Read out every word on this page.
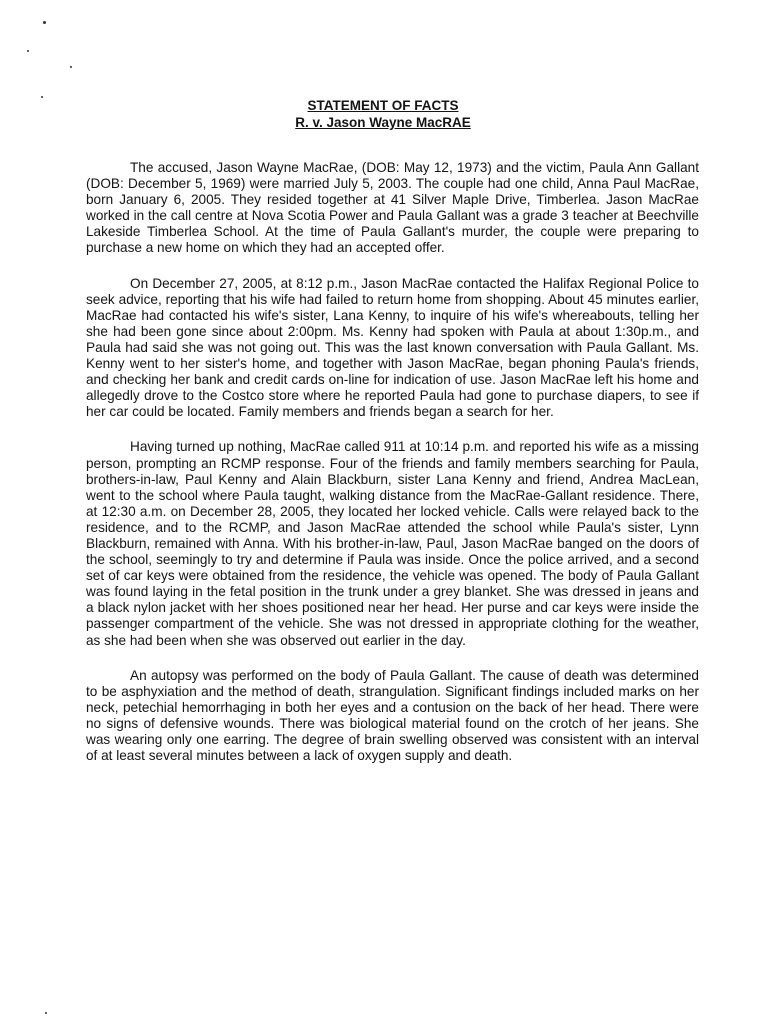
STATEMENT OF FACTS
R. v. Jason Wayne MacRAE

The accused, Jason Wayne MacRae, (DOB: May 12, 1973) and the victim, Paula Ann Gallant (DOB: December 5, 1969) were married July 5, 2003. The couple had one child, Anna Paul MacRae, born January 6, 2005. They resided together at 41 Silver Maple Drive, Timberlea. Jason MacRae worked in the call centre at Nova Scotia Power and Paula Gallant was a grade 3 teacher at Beechville Lakeside Timberlea School. At the time of Paula Gallant's murder, the couple were preparing to purchase a new home on which they had an accepted offer.

On December 27, 2005, at 8:12 p.m., Jason MacRae contacted the Halifax Regional Police to seek advice, reporting that his wife had failed to return home from shopping. About 45 minutes earlier, MacRae had contacted his wife's sister, Lana Kenny, to inquire of his wife's whereabouts, telling her she had been gone since about 2:00pm. Ms. Kenny had spoken with Paula at about 1:30p.m., and Paula had said she was not going out. This was the last known conversation with Paula Gallant. Ms. Kenny went to her sister's home, and together with Jason MacRae, began phoning Paula's friends, and checking her bank and credit cards on-line for indication of use. Jason MacRae left his home and allegedly drove to the Costco store where he reported Paula had gone to purchase diapers, to see if her car could be located. Family members and friends began a search for her.

Having turned up nothing, MacRae called 911 at 10:14 p.m. and reported his wife as a missing person, prompting an RCMP response. Four of the friends and family members searching for Paula, brothers-in-law, Paul Kenny and Alain Blackburn, sister Lana Kenny and friend, Andrea MacLean, went to the school where Paula taught, walking distance from the MacRae-Gallant residence. There, at 12:30 a.m. on December 28, 2005, they located her locked vehicle. Calls were relayed back to the residence, and to the RCMP, and Jason MacRae attended the school while Paula's sister, Lynn Blackburn, remained with Anna. With his brother-in-law, Paul, Jason MacRae banged on the doors of the school, seemingly to try and determine if Paula was inside. Once the police arrived, and a second set of car keys were obtained from the residence, the vehicle was opened. The body of Paula Gallant was found laying in the fetal position in the trunk under a grey blanket. She was dressed in jeans and a black nylon jacket with her shoes positioned near her head. Her purse and car keys were inside the passenger compartment of the vehicle. She was not dressed in appropriate clothing for the weather, as she had been when she was observed out earlier in the day.

An autopsy was performed on the body of Paula Gallant. The cause of death was determined to be asphyxiation and the method of death, strangulation. Significant findings included marks on her neck, petechial hemorrhaging in both her eyes and a contusion on the back of her head. There were no signs of defensive wounds. There was biological material found on the crotch of her jeans. She was wearing only one earring. The degree of brain swelling observed was consistent with an interval of at least several minutes between a lack of oxygen supply and death.
